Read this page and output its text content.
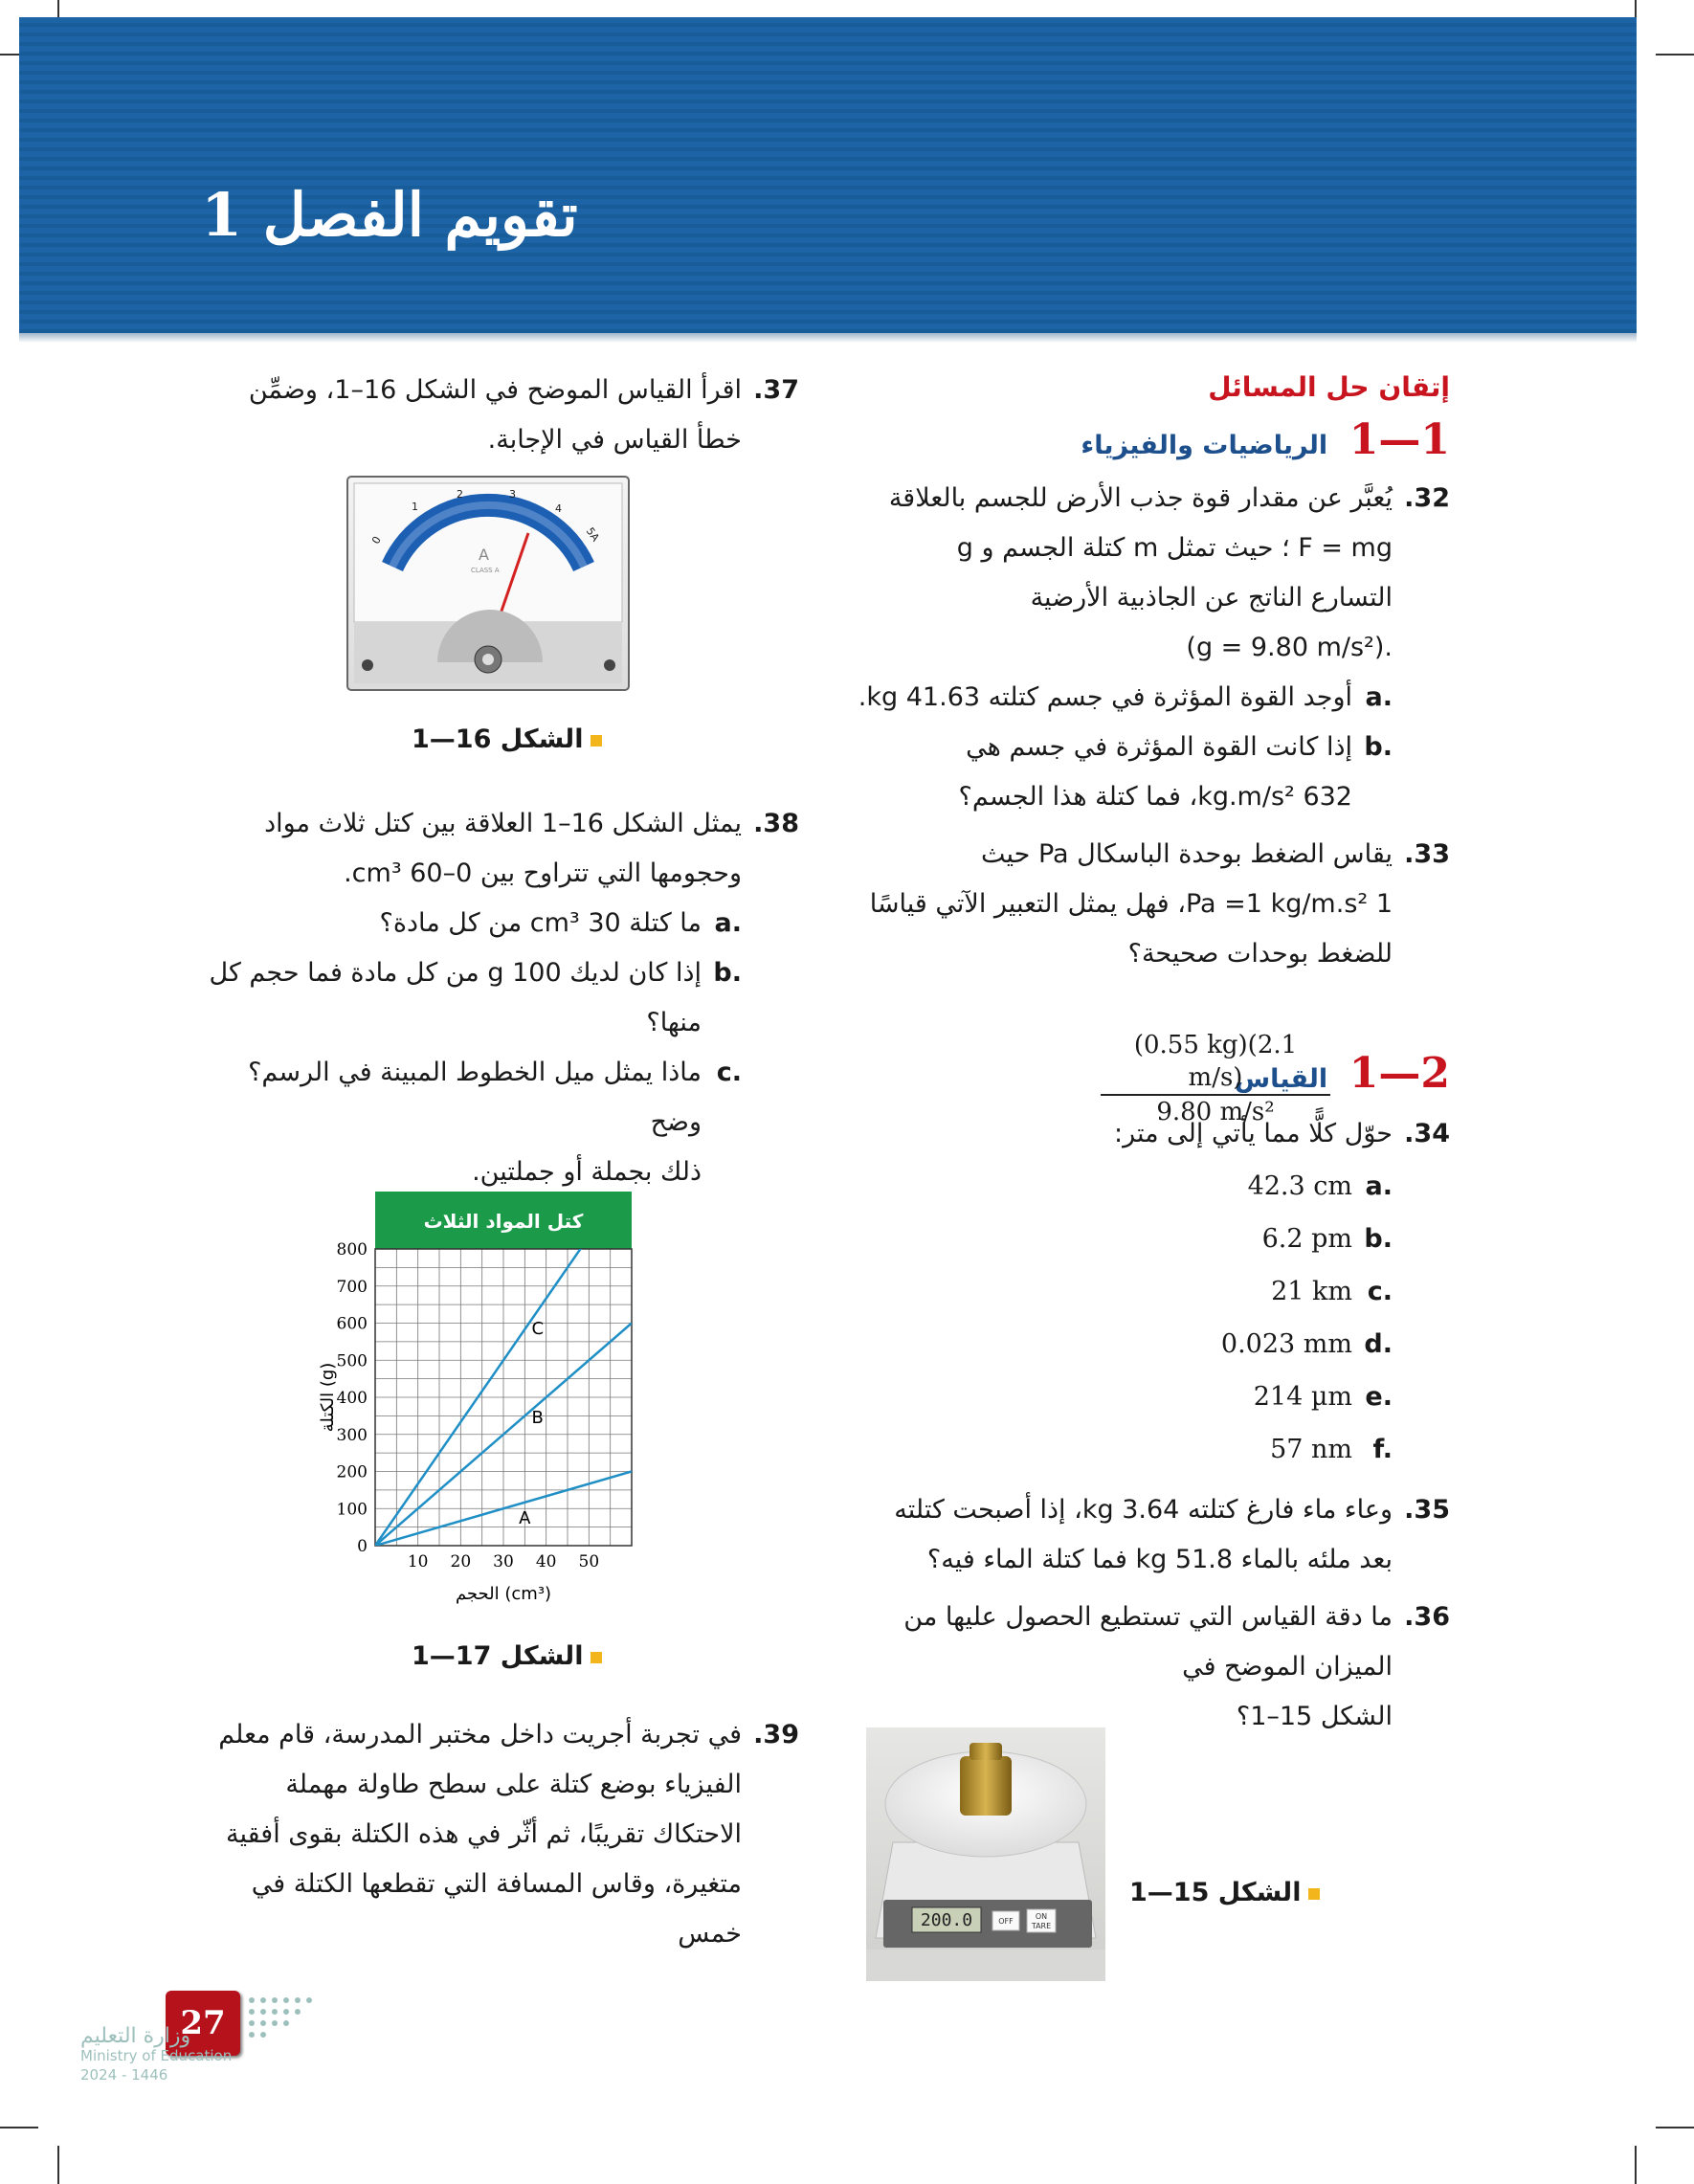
تقويم الفصل 1
إتقان حل المسائل
1—1 الرياضيات والفيزياء
.32
يُعبَّر عن مقدار قوة جذب الأرض للجسم بالعلاقة
F = mg ؛ حيث تمثل m كتلة الجسم و g
التسارع الناتج عن الجاذبية الأرضية
.(g = 9.80 m/s²)
a.
أوجد القوة المؤثرة في جسم كتلته 41.63 kg.
b.
إذا كانت القوة المؤثرة في جسم هي
632 kg.m/s²، فما كتلة هذا الجسم؟
.33
يقاس الضغط بوحدة الباسكال Pa حيث
1 Pa =1 kg/m.s²، فهل يمثل التعبير الآتي قياسًا
للضغط بوحدات صحيحة؟
1—2 القياس
.34
حوّل كلًّا مما يأتي إلى متر:
a.
42.3 cm
b.
6.2 pm
c.
21 km
d.
0.023 mm
e.
214 µm
f.
57 nm
.35
وعاء ماء فارغ كتلته 3.64 kg، إذا أصبحت كتلته
بعد ملئه بالماء 51.8 kg فما كتلة الماء فيه؟
.36
ما دقة القياس التي تستطيع الحصول عليها من
الميزان الموضح في
الشكل 15–1؟
$\frac{(0.55 kg)(2.1 m/s)}{\text{9.80 m/s²}}$
200.0	OFF
ON
TARE
الشكل 15—1
.37
اقرأ القياس الموضح في الشكل 16–1، وضمِّن
خطأ القياس في الإجابة.
0
1
2	3
4
5A
A
CLASS A
الشكل 16—1
.38
يمثل الشكل 16–1 العلاقة بين كتل ثلاث مواد
وحجومها التي تتراوح بين 0–60 cm³.
a.
ما كتلة 30 cm³ من كل مادة؟
b.
إذا كان لديك 100 g من كل مادة فما حجم كل
منها؟
c.
ماذا يمثل ميل الخطوط المبينة في الرسم؟ وضح
ذلك بجملة أو جملتين.
كتل المواد الثلاث
0
100
200
300
400
500
600
700
800
10 20 30 40 50
A
B
C
الحجم (cm³)
الكتلة (g)
الشكل 17—1
.39
في تجربة أجريت داخل مختبر المدرسة، قام معلم
الفيزياء بوضع كتلة على سطح طاولة مهملة
الاحتكاك تقريبًا، ثم أثّر في هذه الكتلة بقوى أفقية
متغيرة، وقاس المسافة التي تقطعها الكتلة في خمس
27
وزارة التعليم
Ministry of Education
2024 - 1446
